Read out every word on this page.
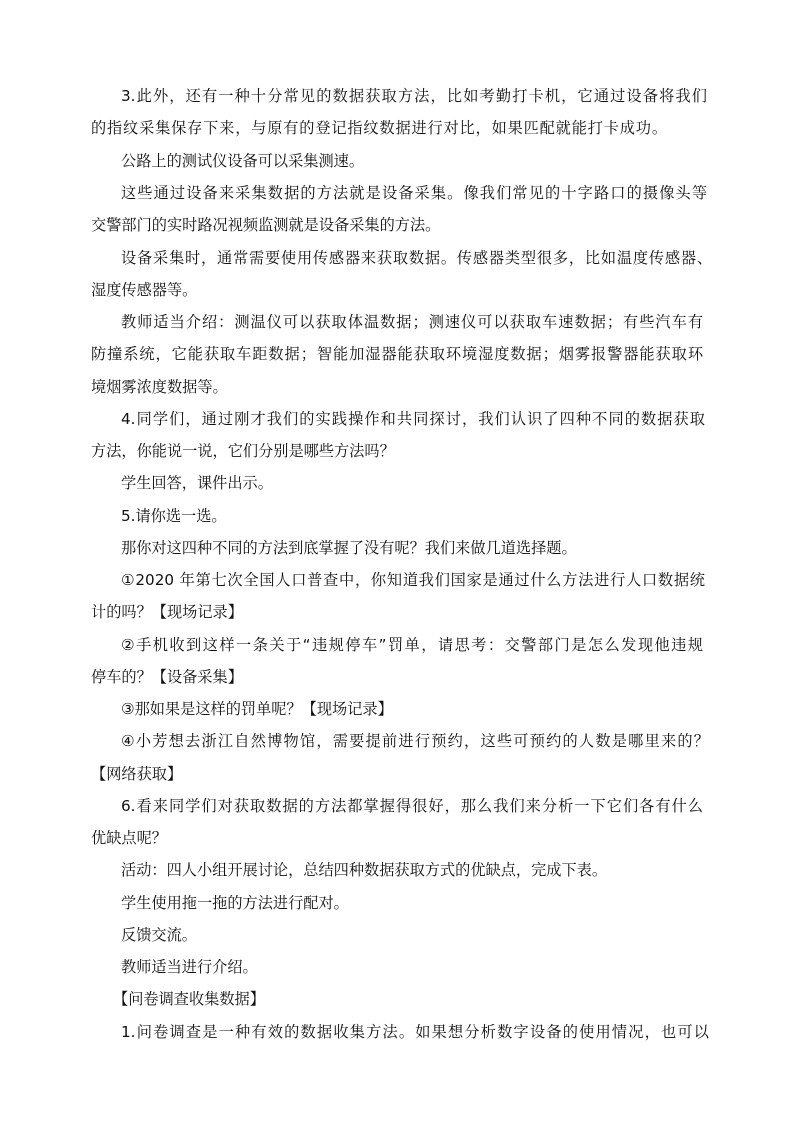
3.此外，还有一种十分常见的数据获取方法，比如考勤打卡机，它通过设备将我们
的指纹采集保存下来，与原有的登记指纹数据进行对比，如果匹配就能打卡成功。
公路上的测试仪设备可以采集测速。
这些通过设备来采集数据的方法就是设备采集。像我们常见的十字路口的摄像头等
交警部门的实时路况视频监测就是设备采集的方法。
设备采集时，通常需要使用传感器来获取数据。传感器类型很多，比如温度传感器、
湿度传感器等。
教师适当介绍：测温仪可以获取体温数据；测速仪可以获取车速数据；有些汽车有
防撞系统，它能获取车距数据；智能加湿器能获取环境湿度数据；烟雾报警器能获取环
境烟雾浓度数据等。
4.同学们，通过刚才我们的实践操作和共同探讨，我们认识了四种不同的数据获取
方法，你能说一说，它们分别是哪些方法吗？
学生回答，课件出示。
5.请你选一选。
那你对这四种不同的方法到底掌握了没有呢？我们来做几道选择题。
①2020 年第七次全国人口普查中，你知道我们国家是通过什么方法进行人口数据统
计的吗？【现场记录】
②手机收到这样一条关于“违规停车”罚单，请思考：交警部门是怎么发现他违规
停车的？【设备采集】
③那如果是这样的罚单呢？【现场记录】
④小芳想去浙江自然博物馆，需要提前进行预约，这些可预约的人数是哪里来的？
【网络获取】
6.看来同学们对获取数据的方法都掌握得很好，那么我们来分析一下它们各有什么
优缺点呢？
活动：四人小组开展讨论，总结四种数据获取方式的优缺点，完成下表。
学生使用拖一拖的方法进行配对。
反馈交流。
教师适当进行介绍。
【问卷调查收集数据】
1.问卷调查是一种有效的数据收集方法。如果想分析数字设备的使用情况，也可以
